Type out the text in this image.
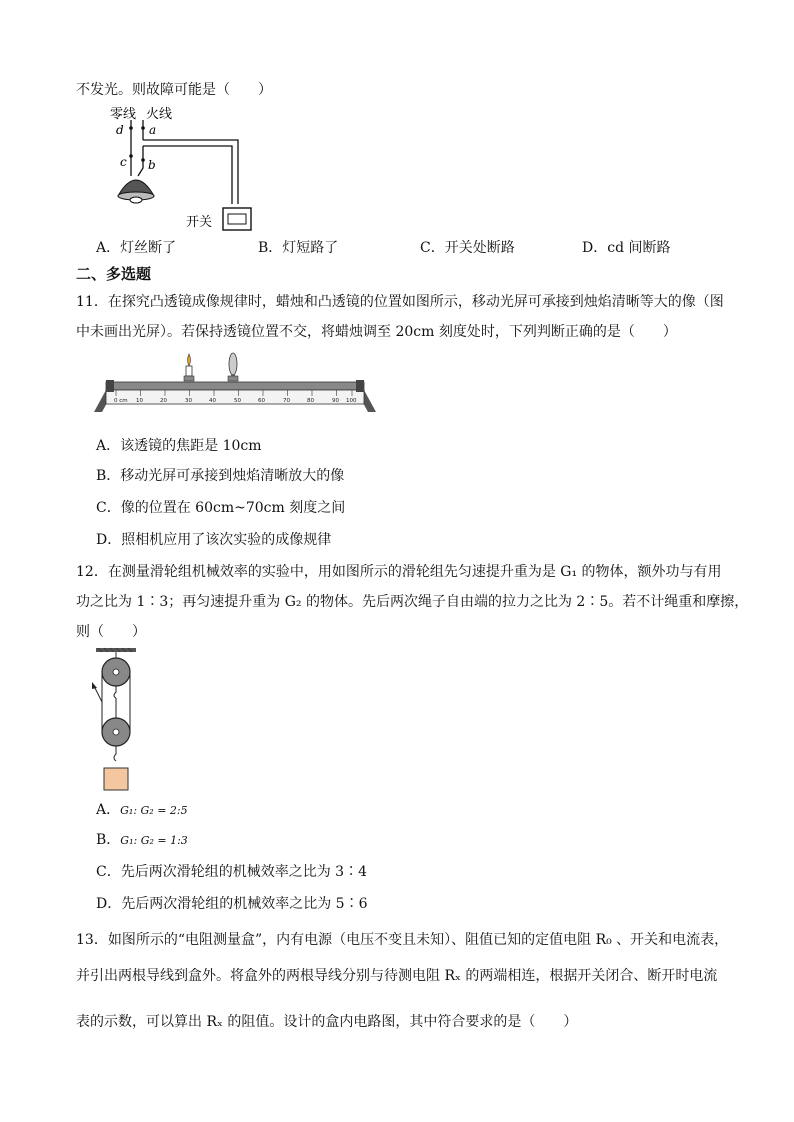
不发光。则故障可能是（　　）
零线 火线
d a
c b
开关
A．灯丝断了	B．灯短路了	C．开关处断路	D．cd 间断路
二、多选题
11．在探究凸透镜成像规律时，蜡烛和凸透镜的位置如图所示，移动光屏可承接到烛焰清晰等大的像（图
中未画出光屏）。若保持透镜位置不交，将蜡烛调至 20cm 刻度处时，下列判断正确的是（　　）
0 cm 10	20	30	40	50	60	70	80	90 100
A．该透镜的焦距是 10cm
B．移动光屏可承接到烛焰清晰放大的像
C．像的位置在 60cm~70cm 刻度之间
D．照相机应用了该次实验的成像规律
12．在测量滑轮组机械效率的实验中，用如图所示的滑轮组先匀速提升重为是 G₁ 的物体，额外功与有用
功之比为 1∶3；再匀速提升重为 G₂ 的物体。先后两次绳子自由端的拉力之比为 2∶5。若不计绳重和摩擦，
则（　　）
A．G₁: G₂ = 2:5
B．G₁: G₂ = 1:3
C．先后两次滑轮组的机械效率之比为 3∶4
D．先后两次滑轮组的机械效率之比为 5∶6
13．如图所示的“电阻测量盒”，内有电源（电压不变且未知）、阻值已知的定值电阻 R₀ 、开关和电流表，
并引出两根导线到盒外。将盒外的两根导线分别与待测电阻 Rₓ 的两端相连，根据开关闭合、断开时电流
表的示数，可以算出 Rₓ 的阻值。设计的盒内电路图，其中符合要求的是（　　）
